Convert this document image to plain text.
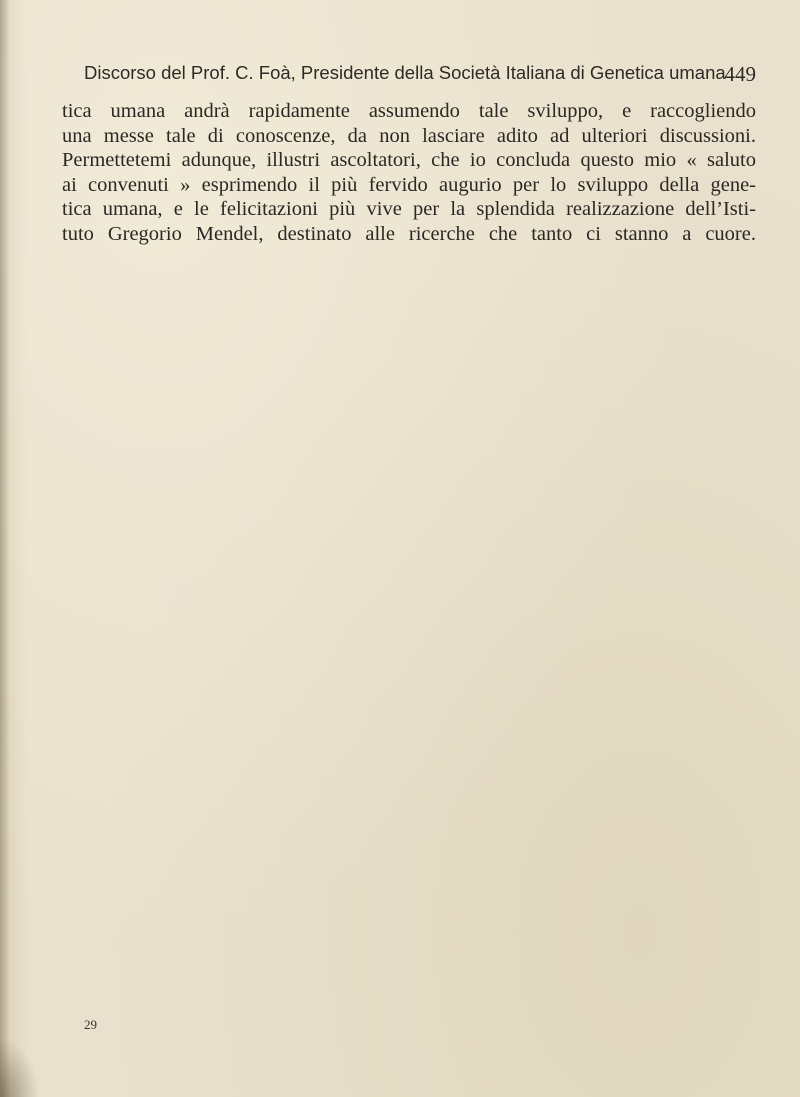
Discorso del Prof. C. Foà, Presidente della Società Italiana di Genetica umana
449
tica umana andrà rapidamente assumendo tale sviluppo, e raccogliendo
una messe tale di conoscenze, da non lasciare adito ad ulteriori discussioni.
Permettetemi adunque, illustri ascoltatori, che io concluda questo mio « saluto
ai convenuti » esprimendo il più fervido augurio per lo sviluppo della gene-
tica umana, e le felicitazioni più vive per la splendida realizzazione dell’Isti-
tuto Gregorio Mendel, destinato alle ricerche che tanto ci stanno a cuore.
29
